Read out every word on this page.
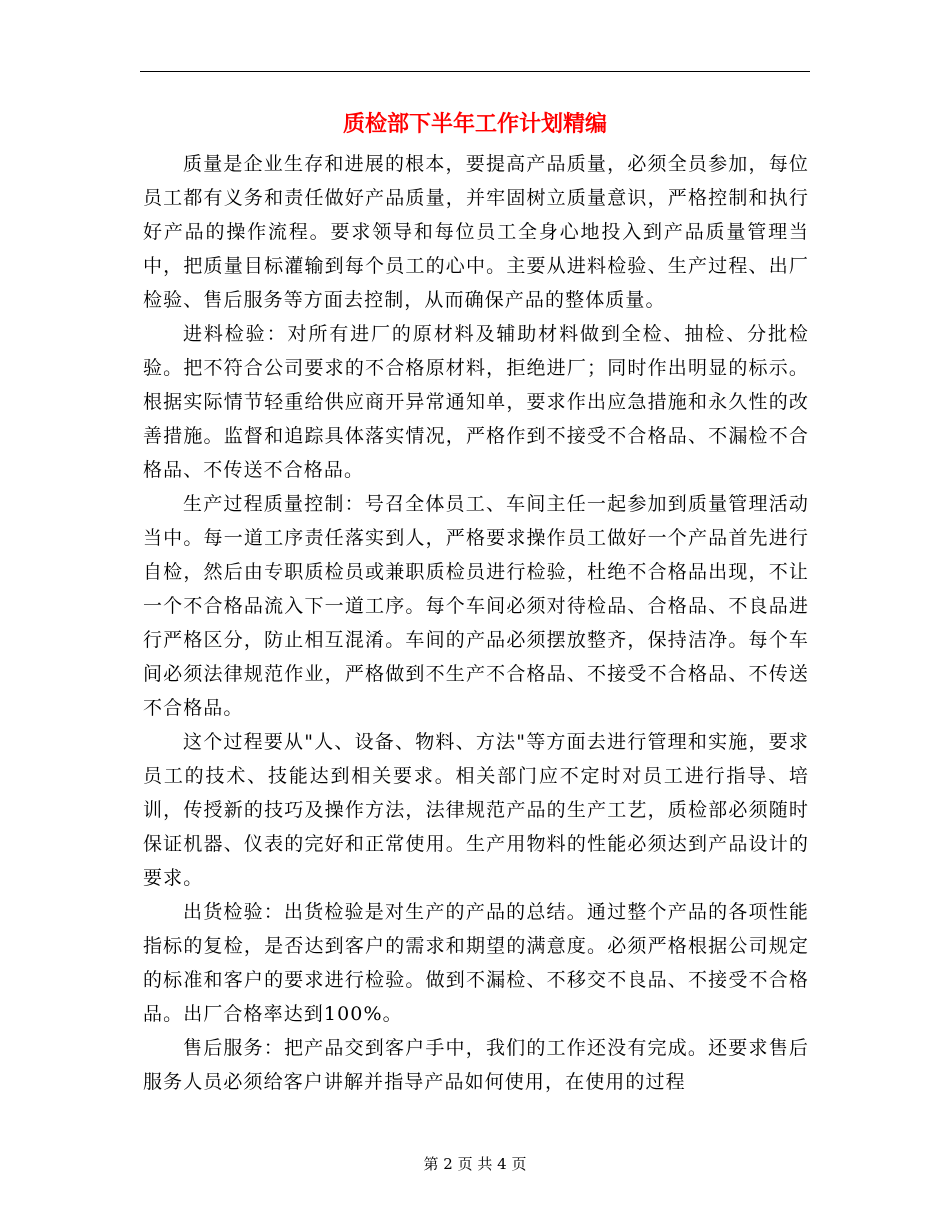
质检部下半年工作计划精编

质量是企业生存和进展的根本，要提高产品质量，必须全员参加，每位员工都有义务和责任做好产品质量，并牢固树立质量意识，严格控制和执行好产品的操作流程。要求领导和每位员工全身心地投入到产品质量管理当中，把质量目标灌输到每个员工的心中。主要从进料检验、生产过程、出厂检验、售后服务等方面去控制，从而确保产品的整体质量。

进料检验：对所有进厂的原材料及辅助材料做到全检、抽检、分批检验。把不符合公司要求的不合格原材料，拒绝进厂；同时作出明显的标示。根据实际情节轻重给供应商开异常通知单，要求作出应急措施和永久性的改善措施。监督和追踪具体落实情况，严格作到不接受不合格品、不漏检不合格品、不传送不合格品。

生产过程质量控制：号召全体员工、车间主任一起参加到质量管理活动当中。每一道工序责任落实到人，严格要求操作员工做好一个产品首先进行自检，然后由专职质检员或兼职质检员进行检验，杜绝不合格品出现，不让一个不合格品流入下一道工序。每个车间必须对待检品、合格品、不良品进行严格区分，防止相互混淆。车间的产品必须摆放整齐，保持洁净。每个车间必须法律规范作业，严格做到不生产不合格品、不接受不合格品、不传送不合格品。

这个过程要从"人、设备、物料、方法"等方面去进行管理和实施，要求员工的技术、技能达到相关要求。相关部门应不定时对员工进行指导、培训，传授新的技巧及操作方法，法律规范产品的生产工艺，质检部必须随时保证机器、仪表的完好和正常使用。生产用物料的性能必须达到产品设计的要求。

出货检验：出货检验是对生产的产品的总结。通过整个产品的各项性能指标的复检，是否达到客户的需求和期望的满意度。必须严格根据公司规定的标准和客户的要求进行检验。做到不漏检、不移交不良品、不接受不合格品。出厂合格率达到100%。

售后服务：把产品交到客户手中，我们的工作还没有完成。还要求售后服务人员必须给客户讲解并指导产品如何使用，在使用的过程

第 2 页 共 4 页
